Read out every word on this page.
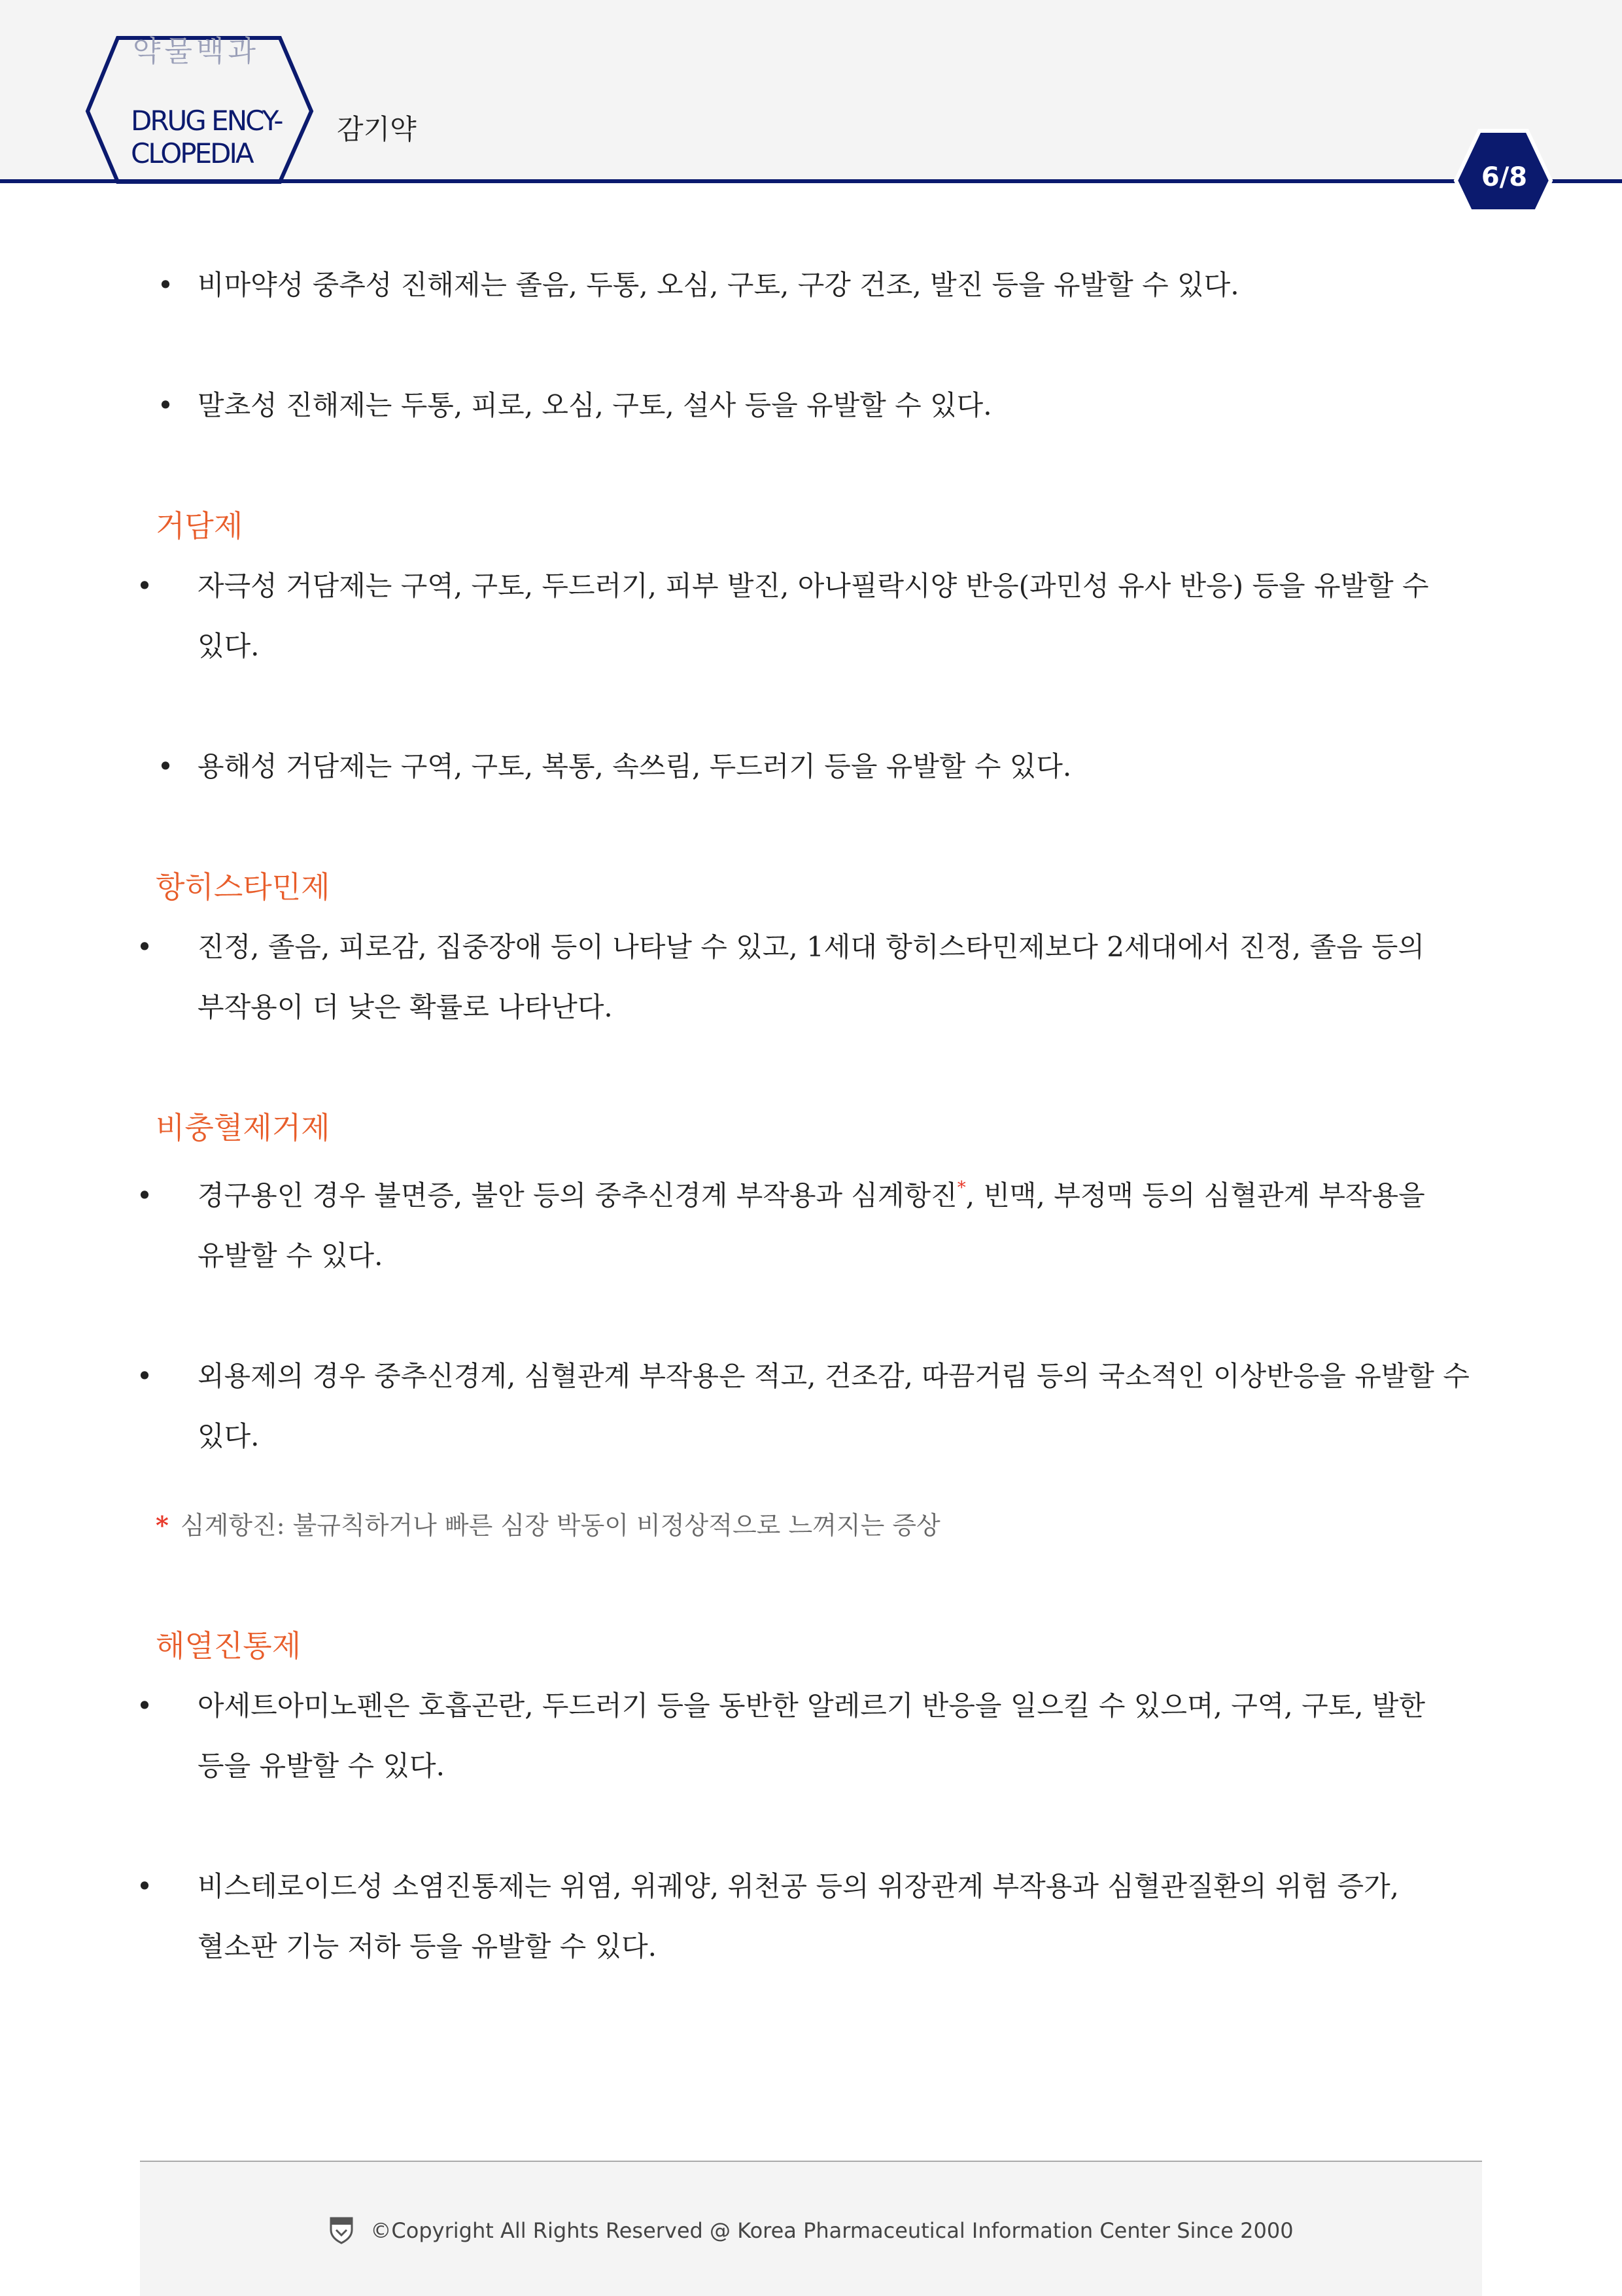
약물백과

DRUG ENCY-

CLOPEDIA

감기약

6/8

• 비마약성 중추성 진해제는 졸음, 두통, 오심, 구토, 구강 건조, 발진 등을 유발할 수 있다.

• 말초성 진해제는 두통, 피로, 오심, 구토, 설사 등을 유발할 수 있다.

거담제

• 자극성 거담제는 구역, 구토, 두드러기, 피부 발진, 아나필락시양 반응(과민성 유사 반응) 등을 유발할 수 있다.

• 용해성 거담제는 구역, 구토, 복통, 속쓰림, 두드러기 등을 유발할 수 있다.

항히스타민제

• 진정, 졸음, 피로감, 집중장애 등이 나타날 수 있고, 1세대 항히스타민제보다 2세대에서 진정, 졸음 등의 부작용이 더 낮은 확률로 나타난다.

비충혈제거제

• 경구용인 경우 불면증, 불안 등의 중추신경계 부작용과 심계항진*, 빈맥, 부정맥 등의 심혈관계 부작용을 유발할 수 있다.

• 외용제의 경우 중추신경계, 심혈관계 부작용은 적고, 건조감, 따끔거림 등의 국소적인 이상반응을 유발할 수 있다.

* 심계항진: 불규칙하거나 빠른 심장 박동이 비정상적으로 느껴지는 증상

해열진통제

• 아세트아미노펜은 호흡곤란, 두드러기 등을 동반한 알레르기 반응을 일으킬 수 있으며, 구역, 구토, 발한 등을 유발할 수 있다.

• 비스테로이드성 소염진통제는 위염, 위궤양, 위천공 등의 위장관계 부작용과 심혈관질환의 위험 증가, 혈소판 기능 저하 등을 유발할 수 있다.

©Copyright All Rights Reserved @ Korea Pharmaceutical Information Center Since 2000
